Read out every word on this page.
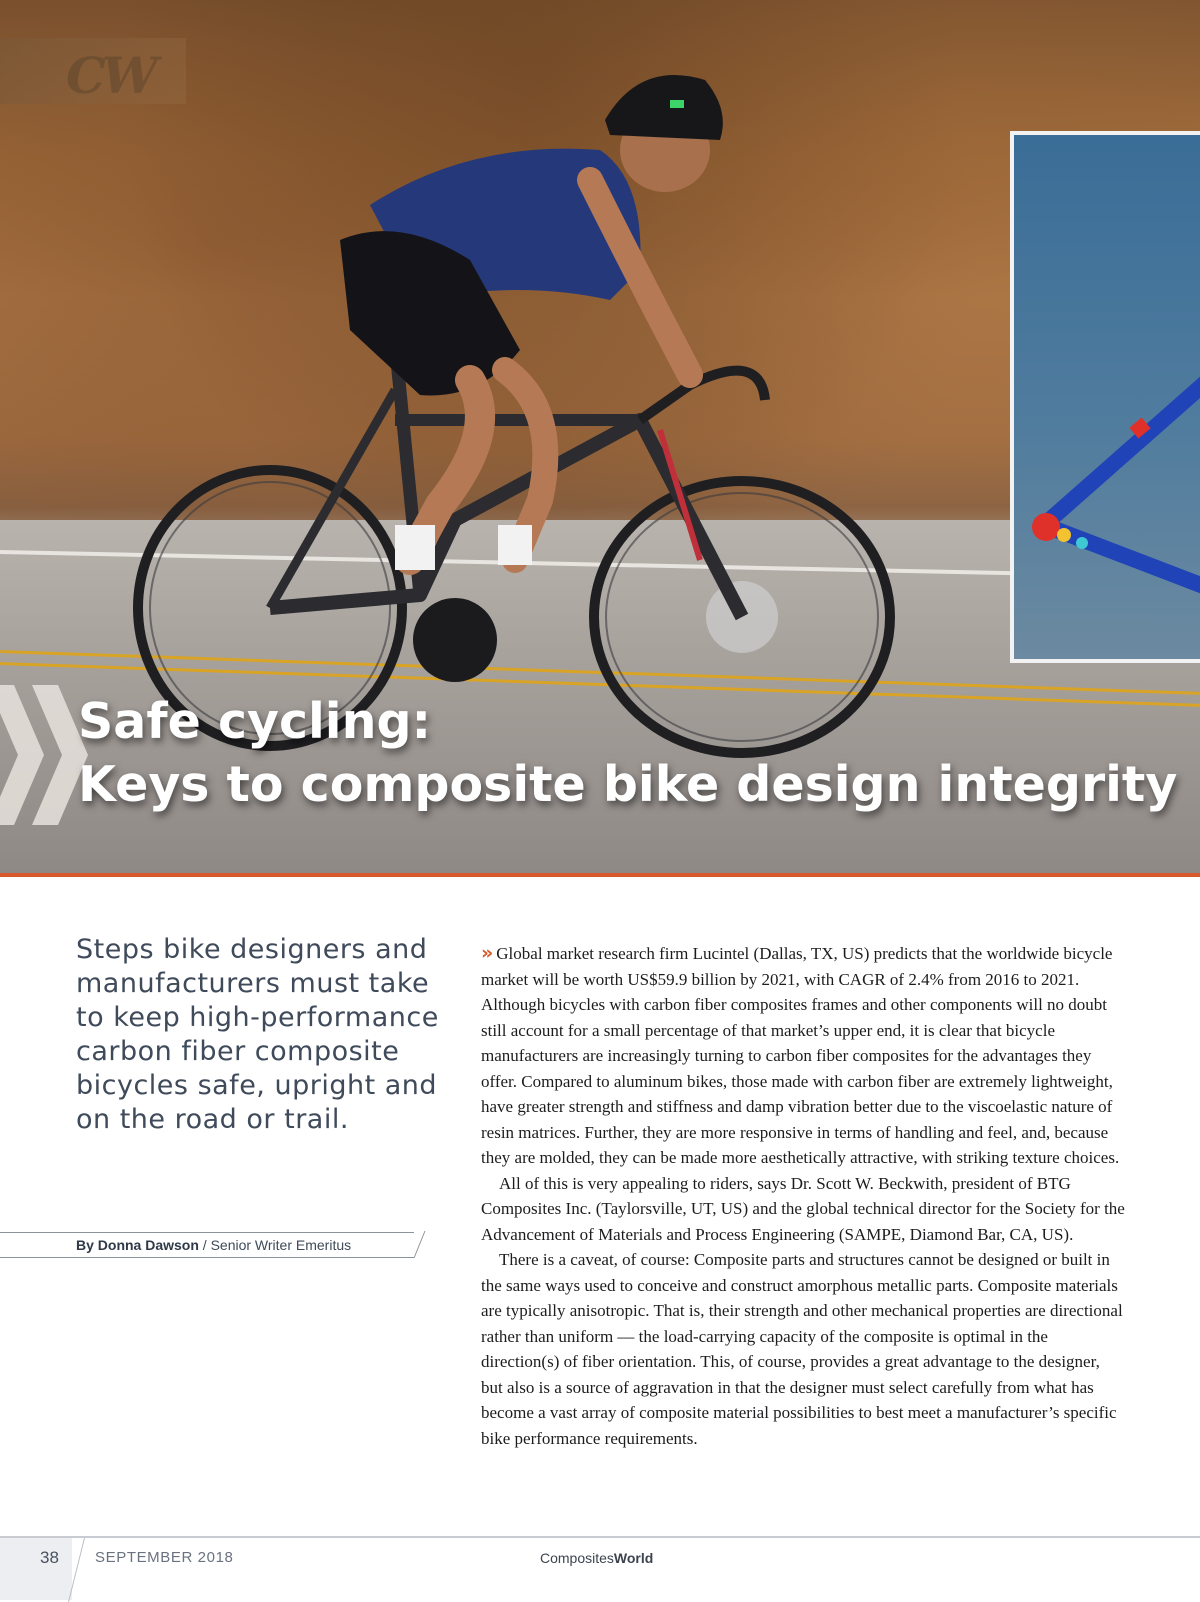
CW
Safe cycling:
Keys to composite bike design integrity

Steps bike designers and manufacturers must take to keep high-performance carbon fiber composite bicycles safe, upright and on the road or trail.

By Donna Dawson / Senior Writer Emeritus

» Global market research firm Lucintel (Dallas, TX, US) predicts that the worldwide bicycle market will be worth US$59.9 billion by 2021, with CAGR of 2.4% from 2016 to 2021. Although bicycles with carbon fiber composites frames and other components will no doubt still account for a small percentage of that market’s upper end, it is clear that bicycle manufacturers are increasingly turning to carbon fiber composites for the advantages they offer. Compared to aluminum bikes, those made with carbon fiber are extremely lightweight, have greater strength and stiffness and damp vibration better due to the viscoelastic nature of resin matrices. Further, they are more responsive in terms of handling and feel, and, because they are molded, they can be made more aesthetically attractive, with striking texture choices.

All of this is very appealing to riders, says Dr. Scott W. Beckwith, president of BTG Composites Inc. (Taylorsville, UT, US) and the global technical director for the Society for the Advancement of Materials and Process Engineering (SAMPE, Diamond Bar, CA, US).

There is a caveat, of course: Composite parts and structures cannot be designed or built in the same ways used to conceive and construct amorphous metallic parts. Composite materials are typically anisotropic. That is, their strength and other mechanical properties are directional rather than uniform — the load-carrying capacity of the composite is optimal in the direction(s) of fiber orientation. This, of course, provides a great advantage to the designer, but also is a source of aggravation in that the designer must select carefully from what has become a vast array of composite material possibilities to best meet a manufacturer’s specific bike performance requirements.

38 SEPTEMBER 2018	CompositesWorld
